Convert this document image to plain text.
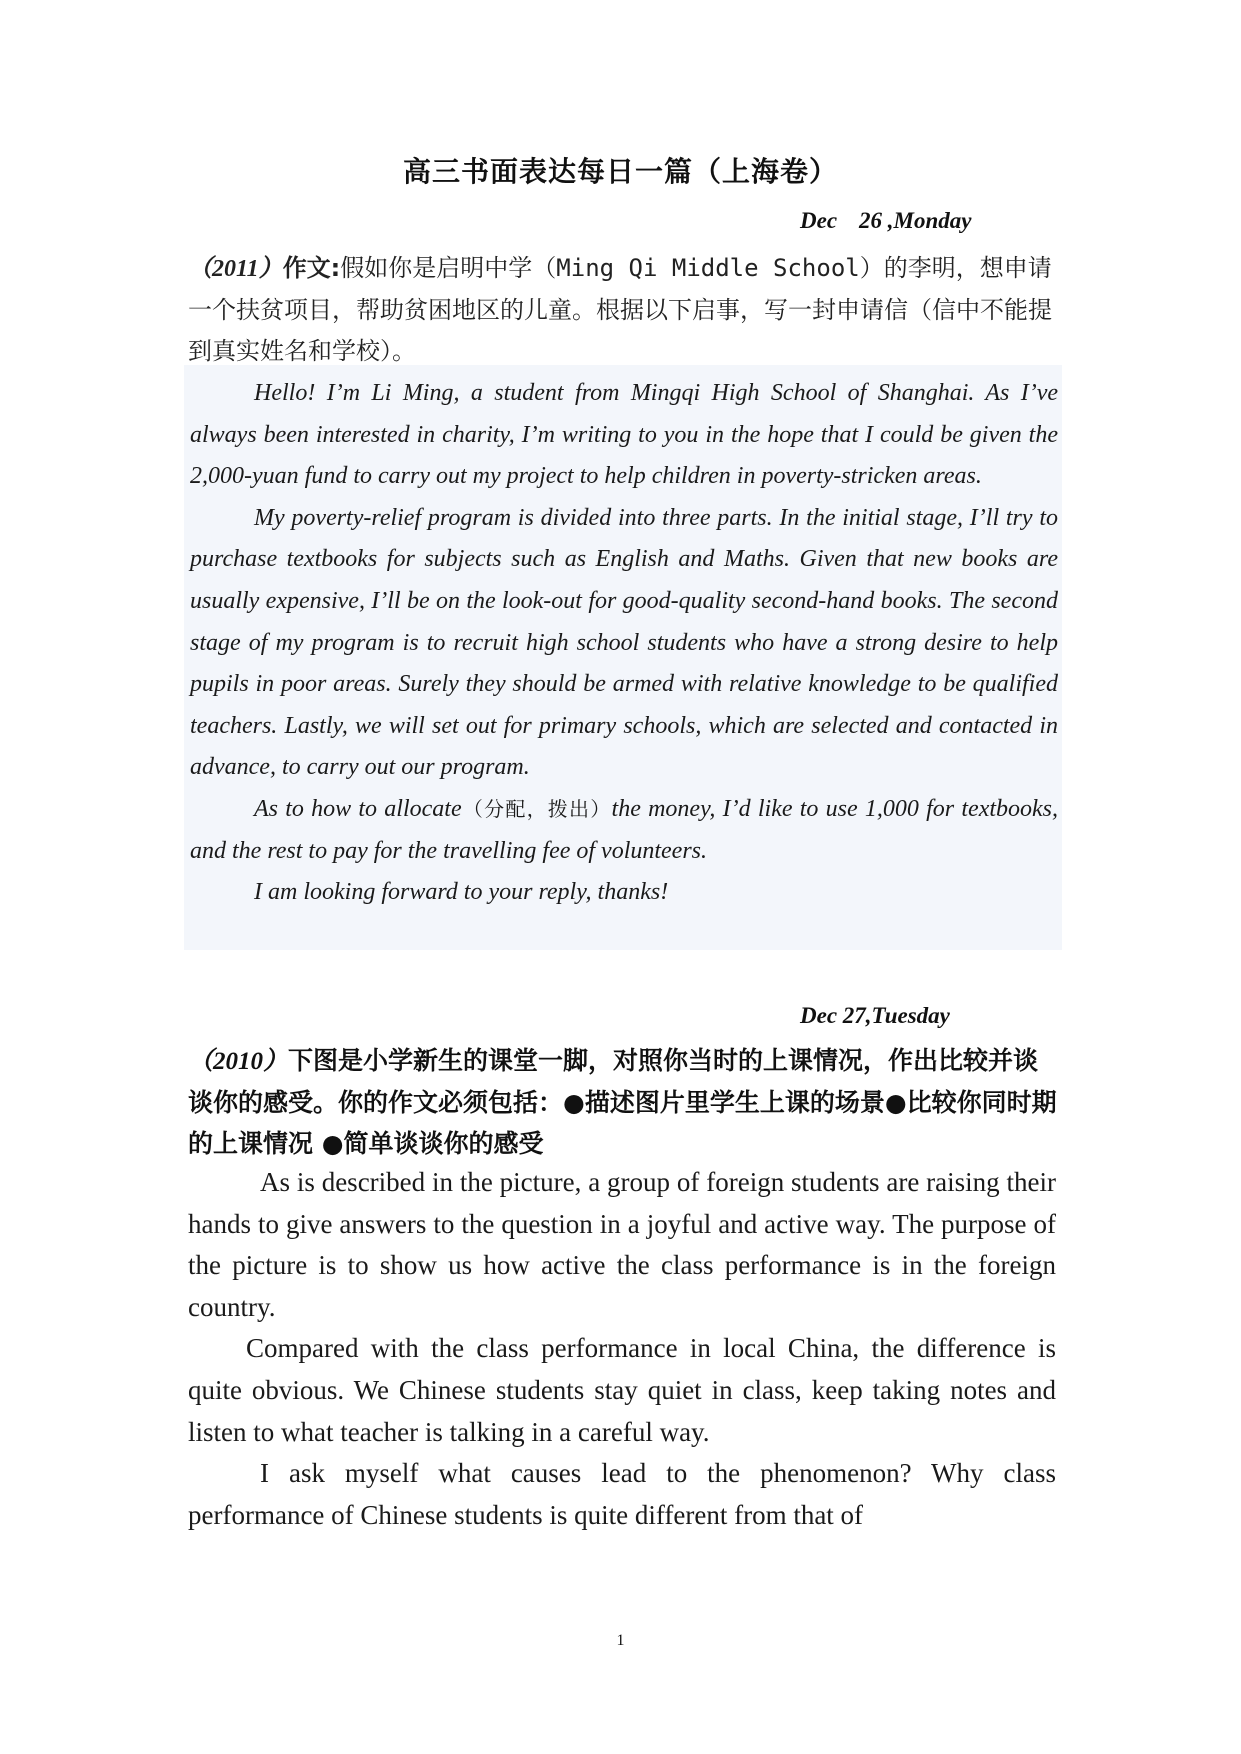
高三书面表达每日一篇（上海卷）
Dec 26 ,Monday
（2011）作文:假如你是启明中学（Ming Qi Middle School）的李明，想申请一个扶贫项目，帮助贫困地区的儿童。根据以下启事，写一封申请信（信中不能提到真实姓名和学校）。

Hello! I’m Li Ming, a student from Mingqi High School of Shanghai. As I’ve always been interested in charity, I’m writing to you in the hope that I could be given the 2,000-yuan fund to carry out my project to help children in poverty-stricken areas.

My poverty-relief program is divided into three parts. In the initial stage, I’ll try to purchase textbooks for subjects such as English and Maths. Given that new books are usually expensive, I’ll be on the look-out for good-quality second-hand books. The second stage of my program is to recruit high school students who have a strong desire to help pupils in poor areas. Surely they should be armed with relative knowledge to be qualified teachers. Lastly, we will set out for primary schools, which are selected and contacted in advance, to carry out our program.

As to how to allocate（分配，拨出）the money, I’d like to use 1,000 for textbooks, and the rest to pay for the travelling fee of volunteers.

I am looking forward to your reply, thanks!

Dec 27,Tuesday
（2010）下图是小学新生的课堂一脚，对照你当时的上课情况，作出比较并谈谈你的感受。你的作文必须包括：●描述图片里学生上课的场景●比较你同时期的上课情况 ●简单谈谈你的感受

As is described in the picture, a group of foreign students are raising their hands to give answers to the question in a joyful and active way. The purpose of the picture is to show us how active the class performance is in the foreign country.

Compared with the class performance in local China, the difference is quite obvious. We Chinese students stay quiet in class, keep taking notes and listen to what teacher is talking in a careful way.

I ask myself what causes lead to the phenomenon? Why class performance of Chinese students is quite different from that of

1
